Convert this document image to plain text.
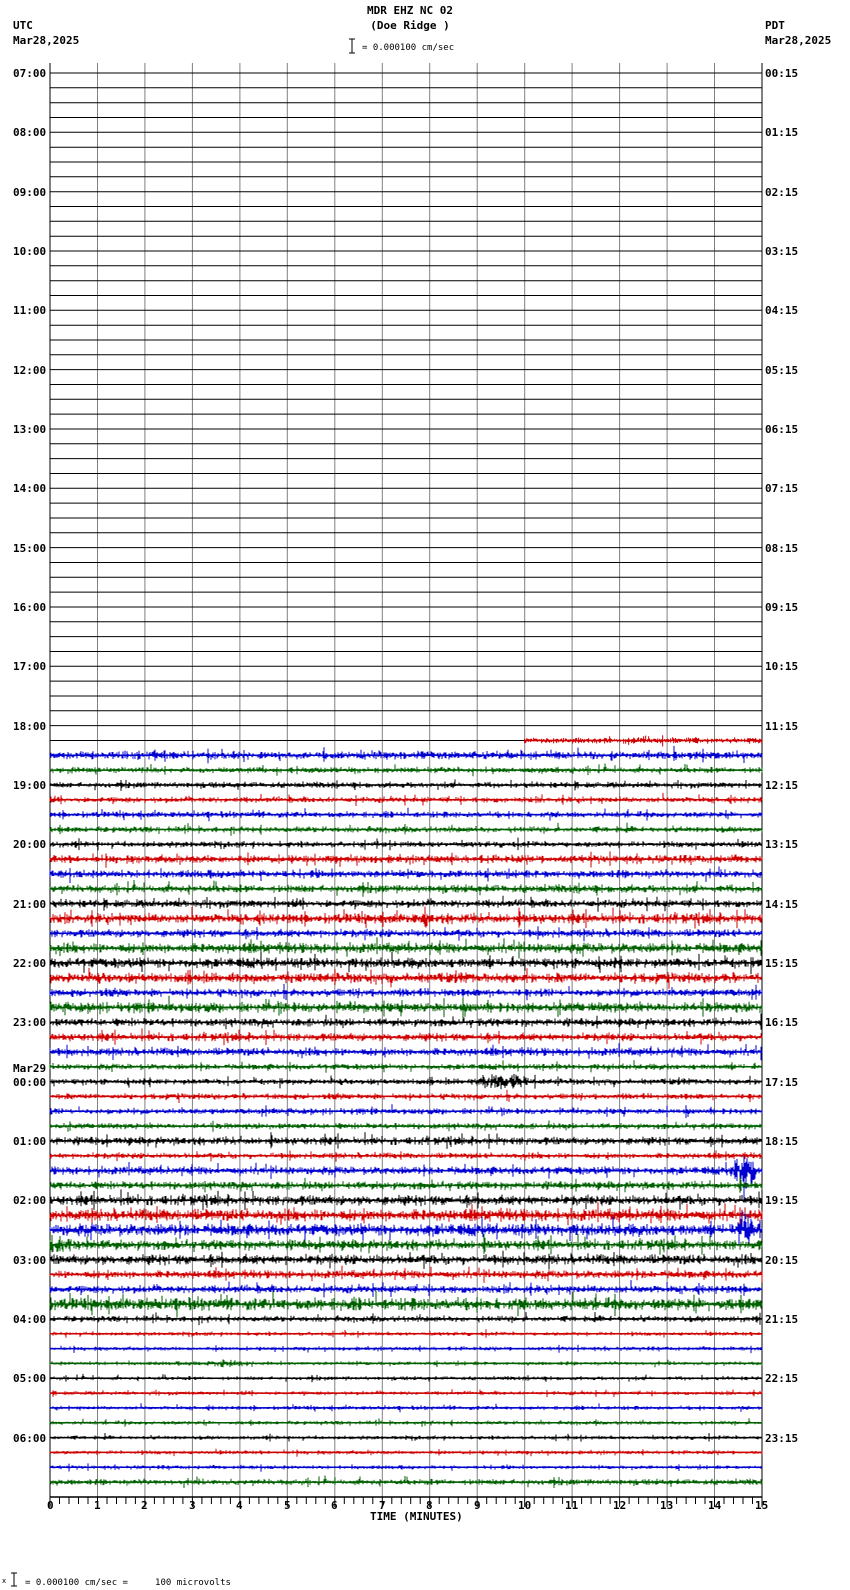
MDR EHZ NC 02
(Doe Ridge )
= 0.000100 cm/sec
UTC
Mar28,2025
PDT
Mar28,2025
07:00
08:00
09:00
10:00
11:00
12:00
13:00
14:00
15:00
16:00
17:00
18:00
19:00
20:00
21:00
22:00
23:00
00:00
Mar29
01:00
02:00
03:00
04:00
05:00
06:00
00:15
01:15
02:15
03:15
04:15
05:15
06:15
07:15
08:15
09:15
10:15
11:15
12:15
13:15
14:15
15:15
16:15
17:15
18:15
19:15
20:15
21:15
22:15
23:15
0	1	2	3	4	5	6	7	8	9	10	11	12	13	14	15
TIME (MINUTES)
x = 0.000100 cm/sec =     100 microvolts
